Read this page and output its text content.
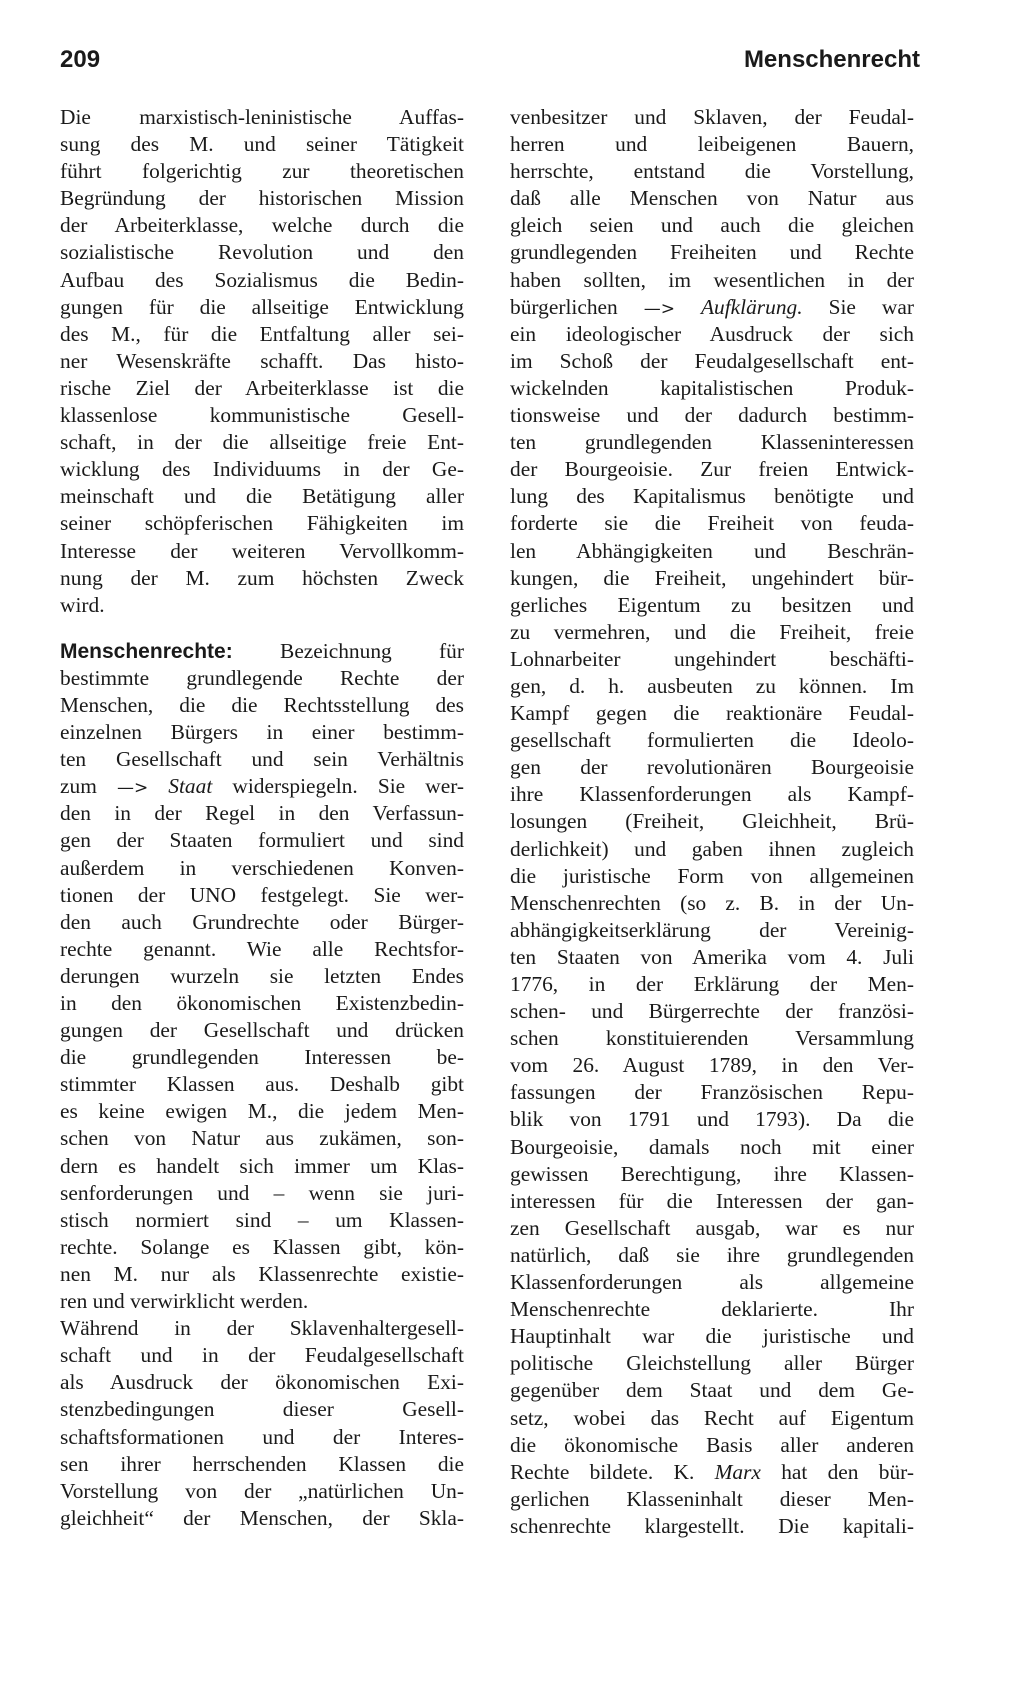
209	Menschenrecht
Die marxistisch-leninistische Auffas-
sung des M. und seiner Tätigkeit
führt folgerichtig zur theoretischen
Begründung der historischen Mission
der Arbeiterklasse, welche durch die
sozialistische Revolution und den
Aufbau des Sozialismus die Bedin-
gungen für die allseitige Entwicklung
des M., für die Entfaltung aller sei-
ner Wesenskräfte schafft. Das histo-
rische Ziel der Arbeiterklasse ist die
klassenlose kommunistische Gesell-
schaft, in der die allseitige freie Ent-
wicklung des Individuums in der Ge-
meinschaft und die Betätigung aller
seiner schöpferischen Fähigkeiten im
Interesse der weiteren Vervollkomm-
nung der M. zum höchsten Zweck
wird.
Menschenrechte: Bezeichnung für
bestimmte grundlegende Rechte der
Menschen, die die Rechtsstellung des
einzelnen Bürgers in einer bestimm-
ten Gesellschaft und sein Verhältnis
zum —> Staat widerspiegeln. Sie wer-
den in der Regel in den Verfassun-
gen der Staaten formuliert und sind
außerdem in verschiedenen Konven-
tionen der UNO festgelegt. Sie wer-
den auch Grundrechte oder Bürger-
rechte genannt. Wie alle Rechtsfor-
derungen wurzeln sie letzten Endes
in den ökonomischen Existenzbedin-
gungen der Gesellschaft und drücken
die grundlegenden Interessen be-
stimmter Klassen aus. Deshalb gibt
es keine ewigen M., die jedem Men-
schen von Natur aus zukämen, son-
dern es handelt sich immer um Klas-
senforderungen und – wenn sie juri-
stisch normiert sind – um Klassen-
rechte. Solange es Klassen gibt, kön-
nen M. nur als Klassenrechte existie-
ren und verwirklicht werden.
Während in der Sklavenhaltergesell-
schaft und in der Feudalgesellschaft
als Ausdruck der ökonomischen Exi-
stenzbedingungen dieser Gesell-
schaftsformationen und der Interes-
sen ihrer herrschenden Klassen die
Vorstellung von der „natürlichen Un-
gleichheit“ der Menschen, der Skla-
venbesitzer und Sklaven, der Feudal-
herren und leibeigenen Bauern,
herrschte, entstand die Vorstellung,
daß alle Menschen von Natur aus
gleich seien und auch die gleichen
grundlegenden Freiheiten und Rechte
haben sollten, im wesentlichen in der
bürgerlichen —> Aufklärung. Sie war
ein ideologischer Ausdruck der sich
im Schoß der Feudalgesellschaft ent-
wickelnden kapitalistischen Produk-
tionsweise und der dadurch bestimm-
ten grundlegenden Klasseninteressen
der Bourgeoisie. Zur freien Entwick-
lung des Kapitalismus benötigte und
forderte sie die Freiheit von feuda-
len Abhängigkeiten und Beschrän-
kungen, die Freiheit, ungehindert bür-
gerliches Eigentum zu besitzen und
zu vermehren, und die Freiheit, freie
Lohnarbeiter ungehindert beschäfti-
gen, d. h. ausbeuten zu können. Im
Kampf gegen die reaktionäre Feudal-
gesellschaft formulierten die Ideolo-
gen der revolutionären Bourgeoisie
ihre Klassenforderungen als Kampf-
losungen (Freiheit, Gleichheit, Brü-
derlichkeit) und gaben ihnen zugleich
die juristische Form von allgemeinen
Menschenrechten (so z. B. in der Un-
abhängigkeitserklärung der Vereinig-
ten Staaten von Amerika vom 4. Juli
1776, in der Erklärung der Men-
schen- und Bürgerrechte der französi-
schen konstituierenden Versammlung
vom 26. August 1789, in den Ver-
fassungen der Französischen Repu-
blik von 1791 und 1793). Da die
Bourgeoisie, damals noch mit einer
gewissen Berechtigung, ihre Klassen-
interessen für die Interessen der gan-
zen Gesellschaft ausgab, war es nur
natürlich, daß sie ihre grundlegenden
Klassenforderungen als allgemeine
Menschenrechte deklarierte. Ihr
Hauptinhalt war die juristische und
politische Gleichstellung aller Bürger
gegenüber dem Staat und dem Ge-
setz, wobei das Recht auf Eigentum
die ökonomische Basis aller anderen
Rechte bildete. K. Marx hat den bür-
gerlichen Klasseninhalt dieser Men-
schenrechte klargestellt. Die kapitali-
